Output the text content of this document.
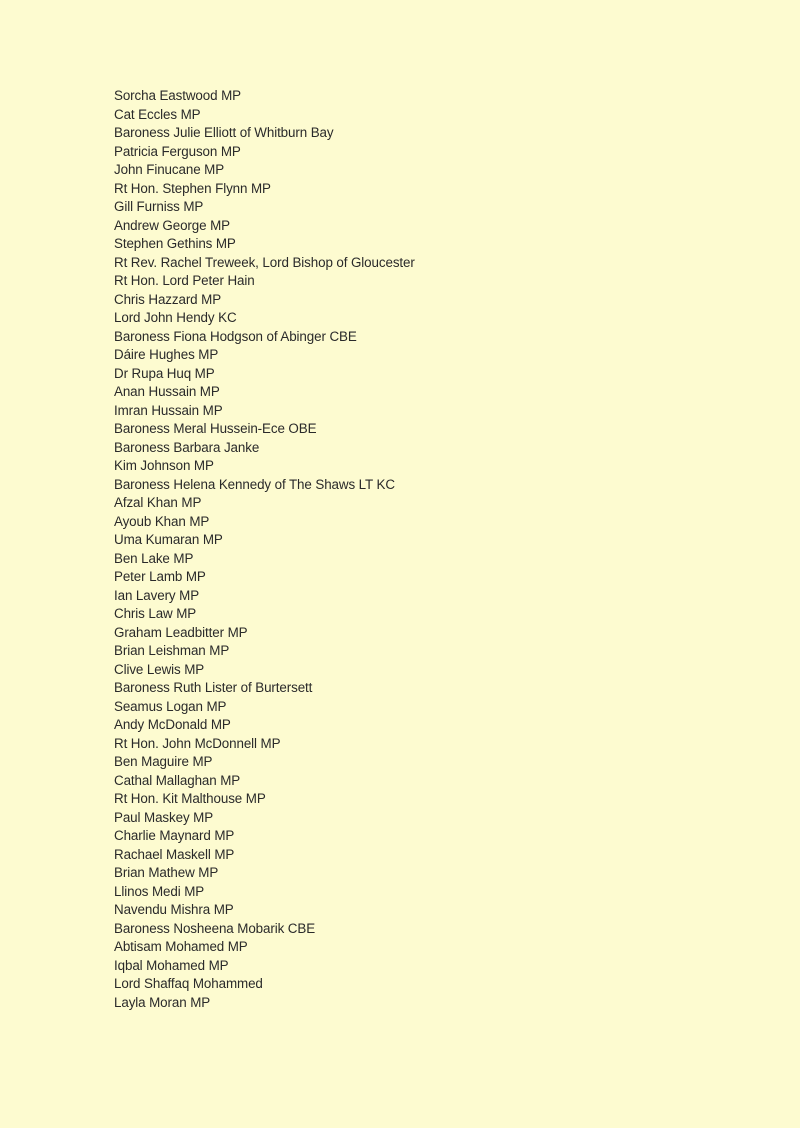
Sorcha Eastwood MP
Cat Eccles MP
Baroness Julie Elliott of Whitburn Bay
Patricia Ferguson MP
John Finucane MP
Rt Hon. Stephen Flynn MP
Gill Furniss MP
Andrew George MP
Stephen Gethins MP
Rt Rev. Rachel Treweek, Lord Bishop of Gloucester
Rt Hon. Lord Peter Hain
Chris Hazzard MP
Lord John Hendy KC
Baroness Fiona Hodgson of Abinger CBE
Dáire Hughes MP
Dr Rupa Huq MP
Anan Hussain MP
Imran Hussain MP
Baroness Meral Hussein-Ece OBE
Baroness Barbara Janke
Kim Johnson MP
Baroness Helena Kennedy of The Shaws LT KC
Afzal Khan MP
Ayoub Khan MP
Uma Kumaran MP
Ben Lake MP
Peter Lamb MP
Ian Lavery MP
Chris Law MP
Graham Leadbitter MP
Brian Leishman MP
Clive Lewis MP
Baroness Ruth Lister of Burtersett
Seamus Logan MP
Andy McDonald MP
Rt Hon. John McDonnell MP
Ben Maguire MP
Cathal Mallaghan MP
Rt Hon. Kit Malthouse MP
Paul Maskey MP
Charlie Maynard MP
Rachael Maskell MP
Brian Mathew MP
Llinos Medi MP
Navendu Mishra MP
Baroness Nosheena Mobarik CBE
Abtisam Mohamed MP
Iqbal Mohamed MP
Lord Shaffaq Mohammed
Layla Moran MP
